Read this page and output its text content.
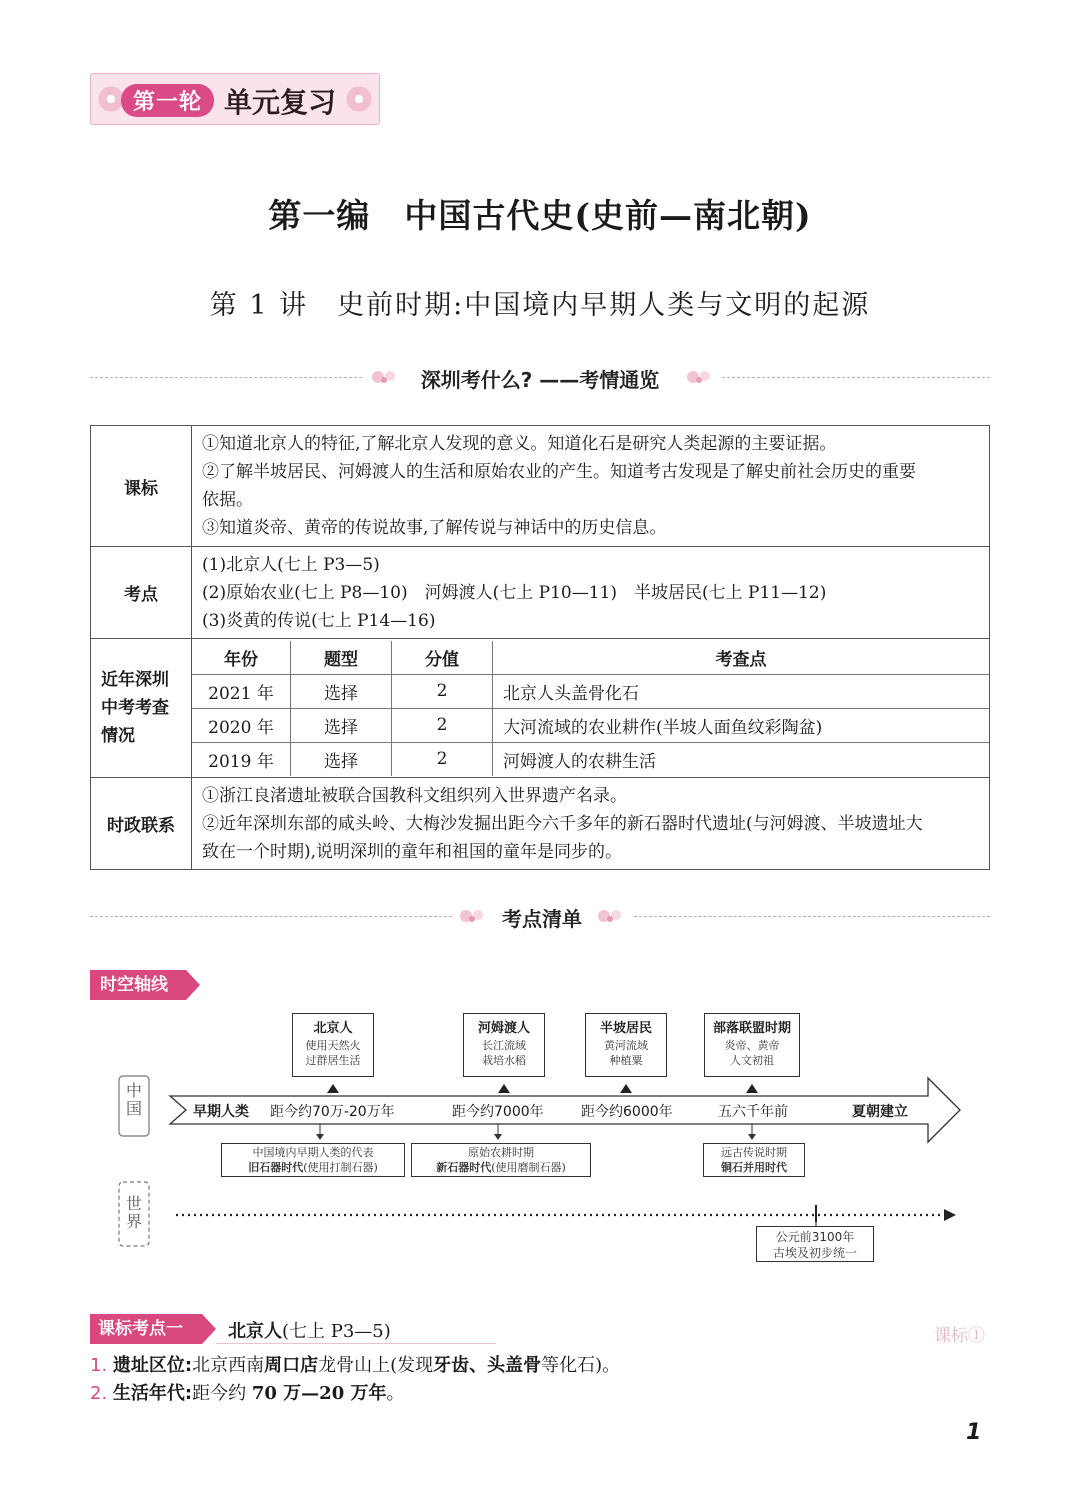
第一轮 单元复习
第一编　中国古代史(史前—南北朝)
第 1 讲　史前时期:中国境内早期人类与文明的起源
深圳考什么? ——考情通览
课标	
①知道北京人的特征,了解北京人发现的意义。知道化石是研究人类起源的主要证据。
②了解半坡居民、河姆渡人的生活和原始农业的产生。知道考古发现是了解史前社会历史的重要
依据。
③知道炎帝、黄帝的传说故事,了解传说与神话中的历史信息。

考点	
(1)北京人(七上 P3—5)
(2)原始农业(七上 P8—10)　河姆渡人(七上 P10—11)　半坡居民(七上 P11—12)
(3)炎黄的传说(七上 P14—16)

近年深圳中考考查情况	
年份	题型	分值	考查点
2021 年	选择	2	北京人头盖骨化石
2020 年	选择	2	大河流域的农业耕作(半坡人面鱼纹彩陶盆)
2019 年	选择	2	河姆渡人的农耕生活

时政联系	
①浙江良渚遗址被联合国教科文组织列入世界遗产名录。
②近年深圳东部的咸头岭、大梅沙发掘出距今六千多年的新石器时代遗址(与河姆渡、半坡遗址大
致在一个时期),说明深圳的童年和祖国的童年是同步的。
考点清单
时空轴线
中国
世界
北京人
使用天然火
过群居生活
河姆渡人
长江流域
栽培水稻
半坡居民
黄河流域
种植粟
部落联盟时期
炎帝、黄帝
人文初祖
早期人类 距今约70万-20万年	距今约7000年	距今约6000年	五六千年前	夏朝建立
中国境内早期人类的代表
旧石器时代(使用打制石器)
原始农耕时期
新石器时代(使用磨制石器)
远古传说时期
铜石并用时代
公元前3100年
古埃及初步统一
课标考点一	北京人(七上 P3—5)	课标①
1. 遗址区位:北京西南周口店龙骨山上(发现牙齿、头盖骨等化石)。
2. 生活年代:距今约 70 万—20 万年。
1
